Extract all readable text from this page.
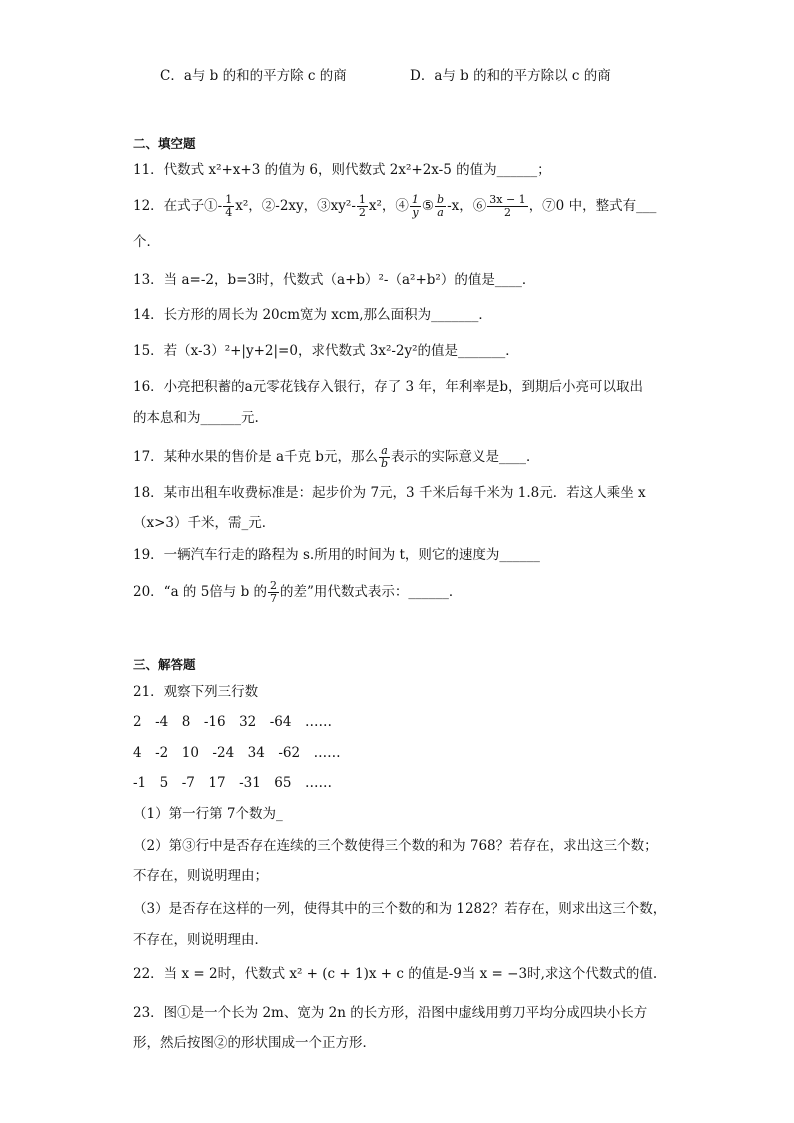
C．a与 b 的和的平方除 c 的商	D．a与 b 的和的平方除以 c 的商
二、填空题
11．代数式 x²+x+3 的值为 6，则代数式 2x²+2x-5 的值为______；
12．在式子①- $\frac{1}{4} x^2$，②-2xy，③xy²- $\frac{1}{2} x^2$，④ $\frac{1}{y}$ ⑤ $\frac{b}{a} -x$，⑥ $\frac{3x - 1}{2}$ ，⑦0 中，整式有___
个．
13．当 a=-2，b=3时，代数式（a+b）²-（a²+b²）的值是____．
14．长方形的周长为 20cm宽为 xcm,那么面积为_______．
15．若（x-3）²+|y+2|=0，求代数式 3x²-2y²的值是_______．
16．小亮把积蓄的a元零花钱存入银行，存了 3 年，年利率是b，到期后小亮可以取出
的本息和为______元.
17．某种水果的售价是 a千克 b元，那么 $\frac{a}{b}$ 表示的实际意义是____．
18．某市出租车收费标准是：起步价为 7元，3 千米后每千米为 1.8元．若这人乘坐 x
（x>3）千米，需_元．
19．一辆汽车行走的路程为 s.所用的时间为 t，则它的速度为______
20．“a 的 5倍与 b 的 $\frac{2}{7}$ 的差”用代数式表示：______．
三、解答题
21．观察下列三行数
2　-4　8　-16　32　-64　……
4　-2　10　-24　34　-62　……
-1　5　-7　17　-31　65　……
（1）第一行第 7个数为_
（2）第③行中是否存在连续的三个数使得三个数的和为 768？若存在，求出这三个数；
不存在，则说明理由；
（3）是否存在这样的一列，使得其中的三个数的和为 1282？若存在，则求出这三个数，
不存在，则说明理由．
22．当 x = 2时，代数式 x² + (c + 1)x + c 的值是-9当 x = −3时,求这个代数式的值.
23．图①是一个长为 2m、宽为 2n 的长方形，沿图中虚线用剪刀平均分成四块小长方
形，然后按图②的形状围成一个正方形．
